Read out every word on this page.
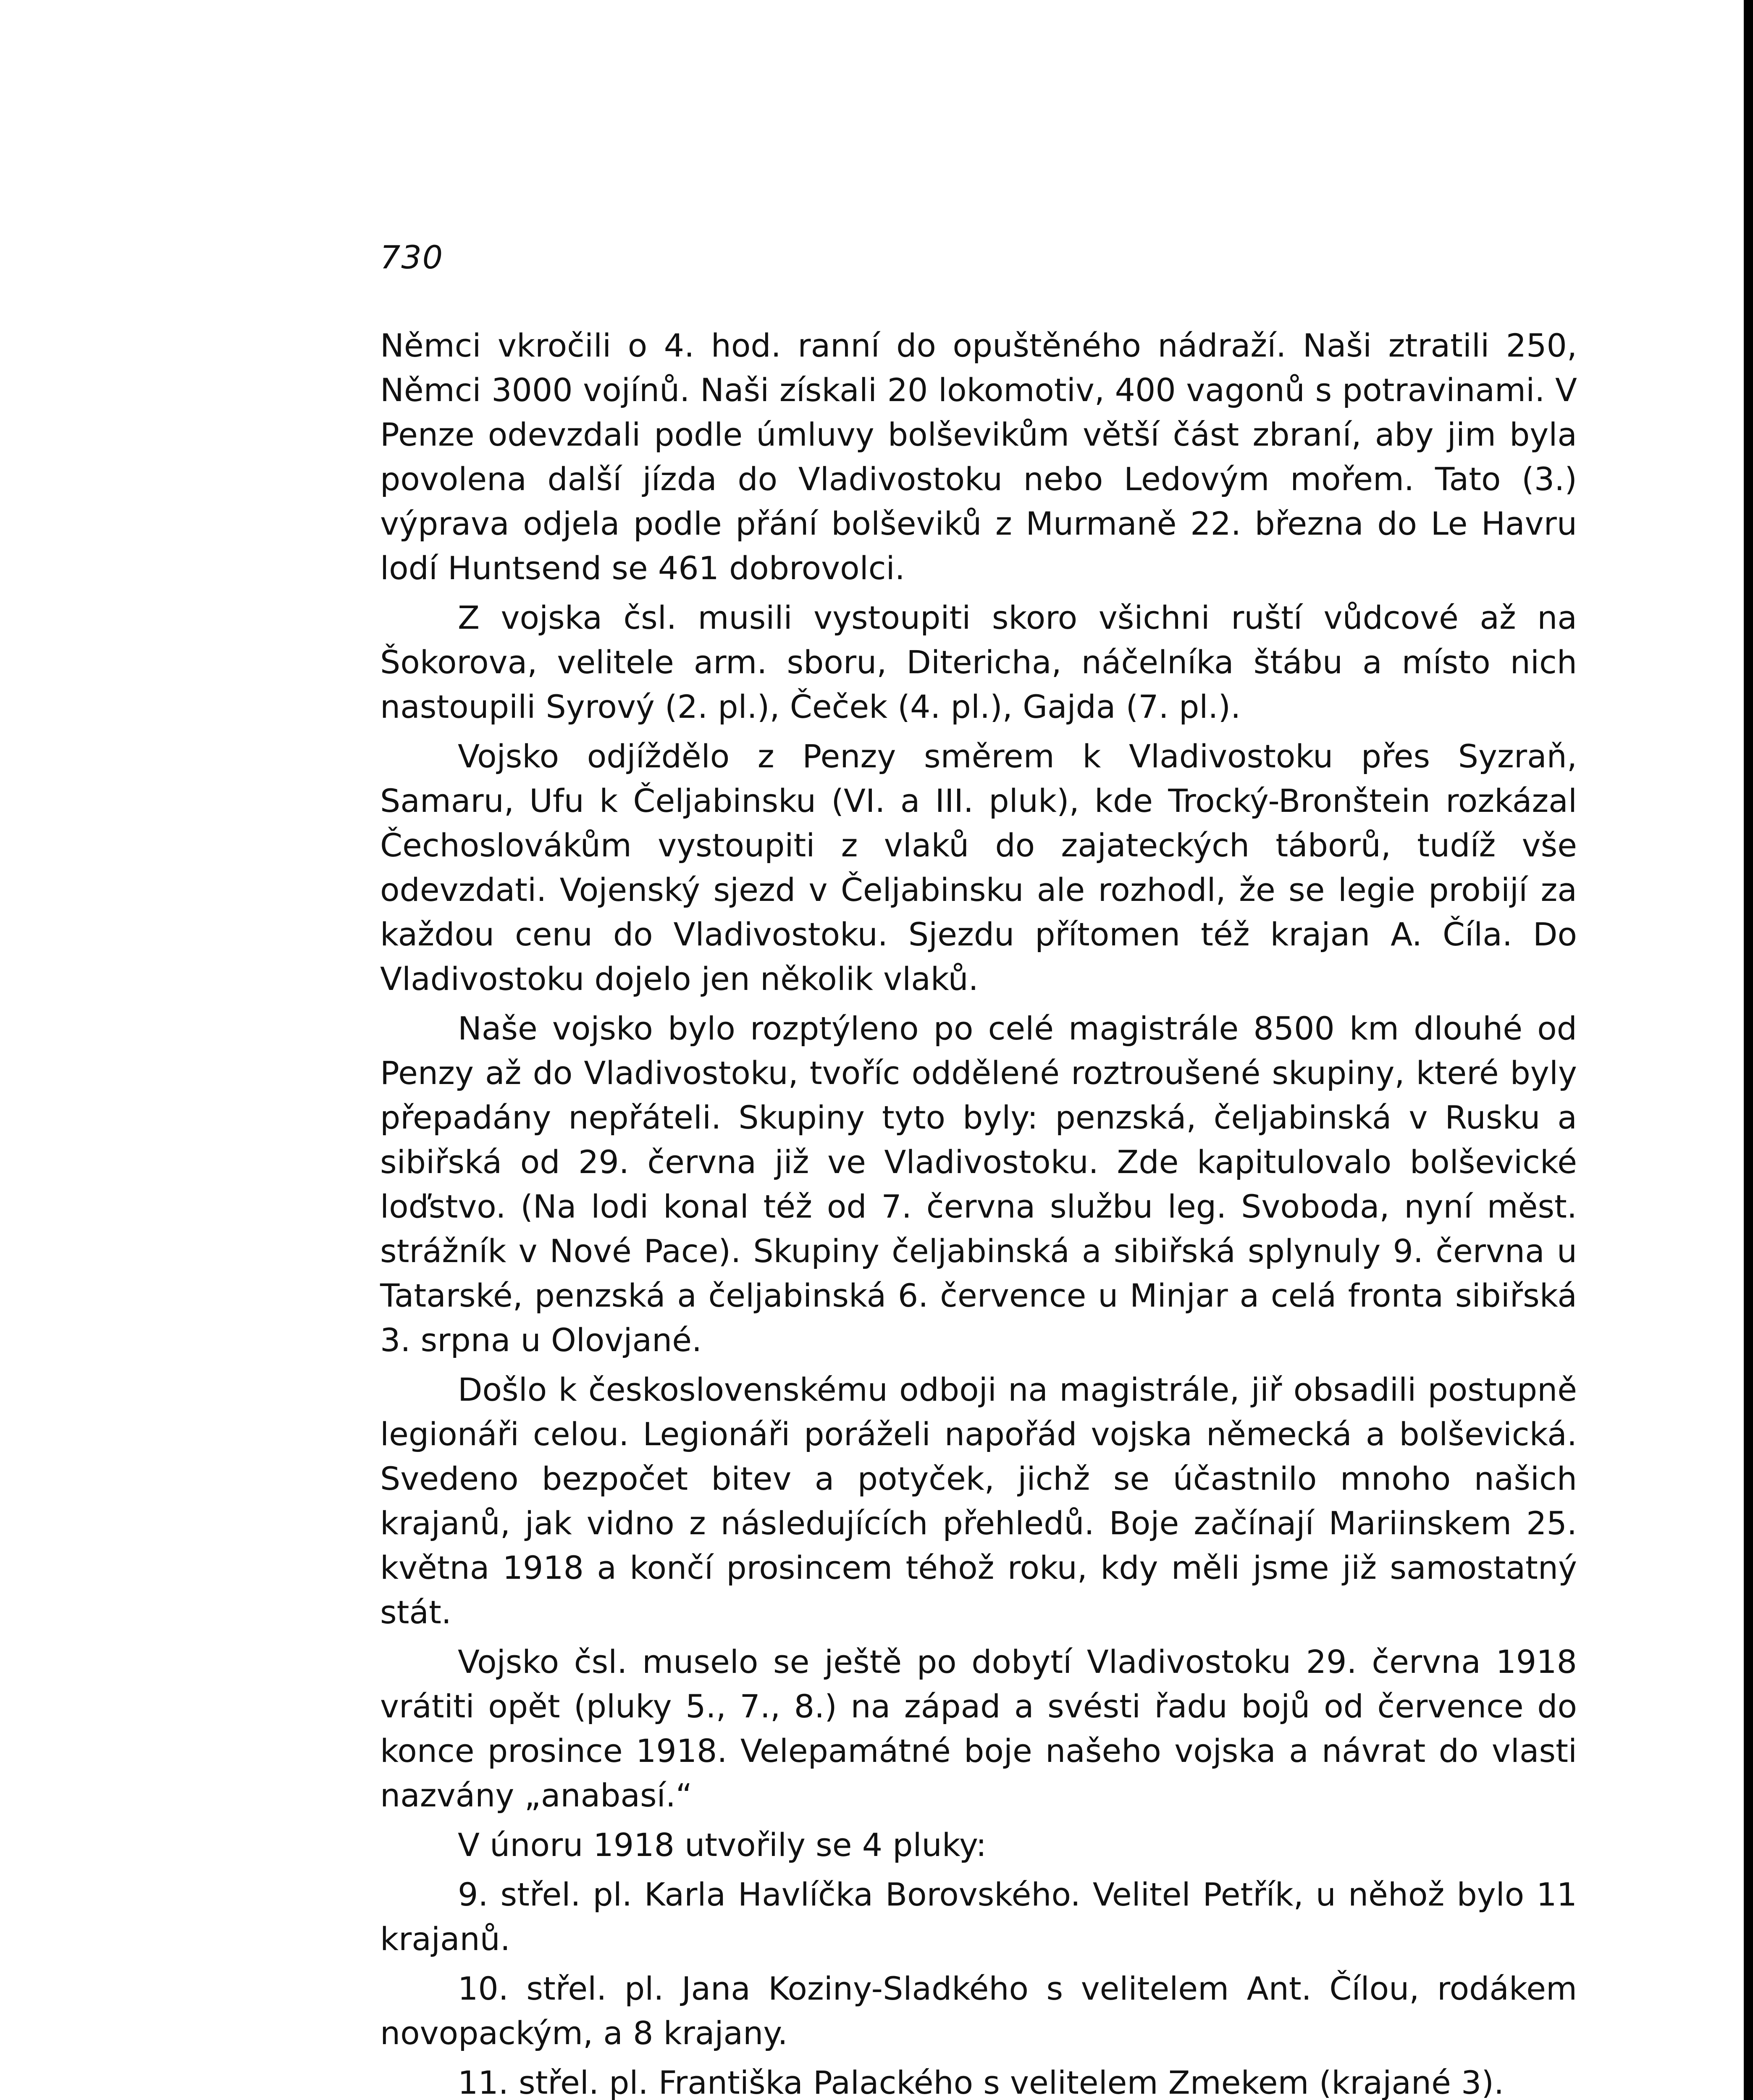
730

Němci vkročili o 4. hod. ranní do opuštěného nádraží. Naši ztratili 250, Němci 3000 vojínů. Naši získali 20 lokomotiv, 400 vagonů s potravinami. V Penze odevzdali podle úmluvy bolševikům větší část zbraní, aby jim byla povolena další jízda do Vladivostoku nebo Ledovým mořem. Tato (3.) výprava odjela podle přání bolševiků z Murmaně 22. března do Le Havru lodí Huntsend se 461 dobrovolci.

Z vojska čsl. musili vystoupiti skoro všichni ruští vůdcové až na Šokorova, velitele arm. sboru, Ditericha, náčelníka štábu a místo nich nastoupili Syrový (2. pl.), Čeček (4. pl.), Gajda (7. pl.).

Vojsko odjíždělo z Penzy směrem k Vladivostoku přes Syzraň, Samaru, Ufu k Čeljabinsku (VI. a III. pluk), kde Trocký-Bronštein rozkázal Čechoslovákům vystoupiti z vlaků do zajateckých táborů, tudíž vše odevzdati. Vojenský sjezd v Čeljabinsku ale rozhodl, že se legie probijí za každou cenu do Vladivostoku. Sjezdu přítomen též krajan A. Číla. Do Vladivostoku dojelo jen několik vlaků.

Naše vojsko bylo rozptýleno po celé magistrále 8500 km dlouhé od Penzy až do Vladivostoku, tvoříc oddělené roztroušené skupiny, které byly přepadány nepřáteli. Skupiny tyto byly: penzská, čeljabinská v Rusku a sibiřská od 29. června již ve Vladivostoku. Zde kapitulovalo bolševické loďstvo. (Na lodi konal též od 7. června službu leg. Svoboda, nyní měst. strážník v Nové Pace). Skupiny čeljabinská a sibiřská splynuly 9. června u Tatarské, penzská a čeljabinská 6. července u Minjar a celá fronta sibiřská 3. srpna u Olovjané.

Došlo k československému odboji na magistrále, jiř obsadili postupně legionáři celou. Legionáři poráželi napořád vojska německá a bolševická. Svedeno bezpočet bitev a potyček, jichž se účastnilo mnoho našich krajanů, jak vidno z následujících přehledů. Boje začínají Mariinskem 25. května 1918 a končí prosincem téhož roku, kdy měli jsme již samostatný stát.

Vojsko čsl. muselo se ještě po dobytí Vladivostoku 29. června 1918 vrátiti opět (pluky 5., 7., 8.) na západ a svésti řadu bojů od července do konce prosince 1918. Velepamátné boje našeho vojska a návrat do vlasti nazvány „anabasí.“

V únoru 1918 utvořily se 4 pluky:

9. střel. pl. Karla Havlíčka Borovského. Velitel Petřík, u něhož bylo 11 krajanů.

10. střel. pl. Jana Koziny-Sladkého s velitelem Ant. Čílou, rodákem novopackým, a 8 krajany.

11. střel. pl. Františka Palackého s velitelem Zmekem (krajané 3).
